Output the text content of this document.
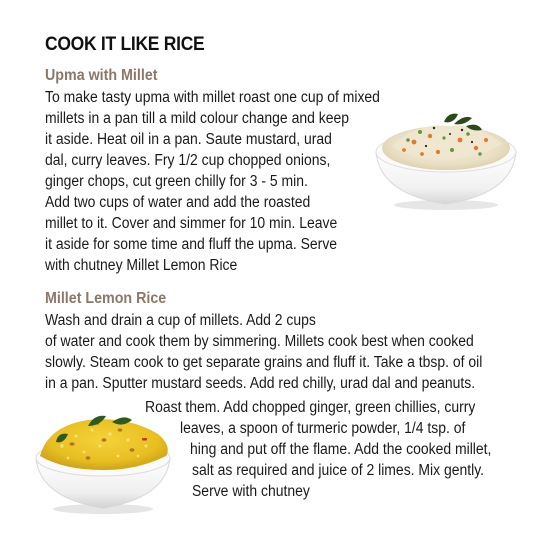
COOK IT LIKE RICE
Upma with Millet
To make tasty upma with millet roast one cup of mixed
millets in a pan till a mild colour change and keep
it aside. Heat oil in a pan. Saute mustard, urad
dal, curry leaves. Fry 1/2 cup chopped onions,
ginger chops, cut green chilly for 3 - 5 min.
Add two cups of water and add the roasted
millet to it. Cover and simmer for 10 min. Leave
it aside for some time and fluff the upma. Serve
with chutney Millet Lemon Rice
Millet Lemon Rice
Wash and drain a cup of millets. Add 2 cups
of water and cook them by simmering. Millets cook best when cooked
slowly. Steam cook to get separate grains and fluff it. Take a tbsp. of oil
in a pan. Sputter mustard seeds. Add red chilly, urad dal and peanuts.
Roast them. Add chopped ginger, green chillies, curry
leaves, a spoon of turmeric powder, 1/4 tsp. of
hing and put off the flame. Add the cooked millet,
salt as required and juice of 2 limes. Mix gently.
Serve with chutney
